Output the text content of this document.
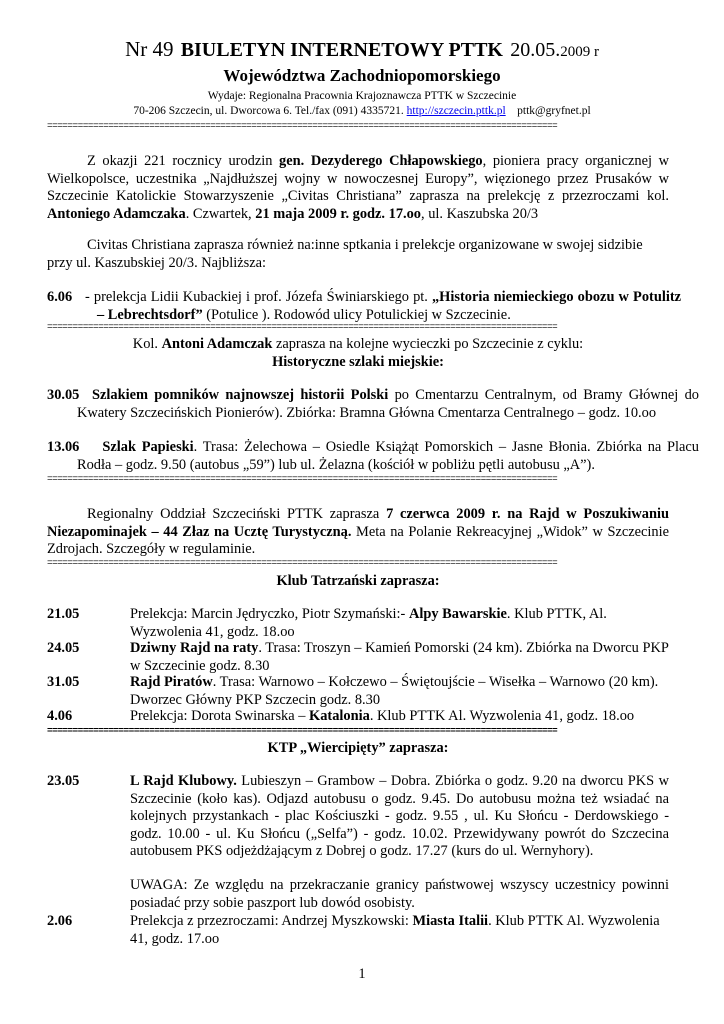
Nr 49 BIULETYN INTERNETOWY PTTK 20.05.2009 r
Województwa Zachodniopomorskiego
Wydaje: Regionalna Pracownia Krajoznawcza PTTK w Szczecinie
70-206 Szczecin, ul. Dworcowa 6. Tel./fax (091) 4335721. http://szczecin.pttk.pl pttk@gryfnet.pl
====================================================================================================
Z okazji 221 rocznicy urodzin gen. Dezyderego Chłapowskiego, pioniera pracy organicznej w Wielkopolsce, uczestnika „Najdłuższej wojny w nowoczesnej Europy”, więzionego przez Prusaków w Szczecinie Katolickie Stowarzyszenie „Civitas Christiana” zaprasza na prelekcję z przezroczami kol. Antoniego Adamczaka. Czwartek, 21 maja 2009 r. godz. 17.oo, ul. Kaszubska 20/3
Civitas Christiana zaprasza również na:inne sptkania i prelekcje organizowane w swojej sidzibie przy ul. Kaszubskiej 20/3. Najbliższa:
6.06 - prelekcja Lidii Kubackiej i prof. Józefa Świniarskiego pt. „Historia niemieckiego obozu w Potulitz – Lebrechtsdorf” (Potulice ). Rodowód ulicy Potulickiej w Szczecinie.
====================================================================================================
Kol. Antoni Adamczak zaprasza na kolejne wycieczki po Szczecinie z cyklu:
Historyczne szlaki miejskie:
30.05 Szlakiem pomników najnowszej historii Polski po Cmentarzu Centralnym, od Bramy Głównej do Kwatery Szczecińskich Pionierów). Zbiórka: Bramna Główna Cmentarza Centralnego – godz. 10.oo
13.06 Szlak Papieski. Trasa: Żelechowa – Osiedle Książąt Pomorskich – Jasne Błonia. Zbiórka na Placu Rodła – godz. 9.50 (autobus „59”) lub ul. Żelazna (kościół w pobliżu pętli autobusu „A”).
====================================================================================================
Regionalny Oddział Szczeciński PTTK zaprasza 7 czerwca 2009 r. na Rajd w Poszukiwaniu Niezapominajek – 44 Złaz na Ucztę Turystyczną. Meta na Polanie Rekreacyjnej „Widok” w Szczecinie Zdrojach. Szczegóły w regulaminie.
====================================================================================================
Klub Tatrzański zaprasza:
21.05	Prelekcja: Marcin Jędryczko, Piotr Szymański:- Alpy Bawarskie. Klub PTTK, Al. Wyzwolenia 41, godz. 18.oo
24.05	Dziwny Rajd na raty. Trasa: Troszyn – Kamień Pomorski (24 km). Zbiórka na Dworcu PKP w Szczecinie godz. 8.30
31.05	Rajd Piratów. Trasa: Warnowo – Kołczewo – Świętoujście – Wisełka – Warnowo (20 km). Dworzec Główny PKP Szczecin godz. 8.30
4.06	Prelekcja: Dorota Swinarska – Katalonia. Klub PTTK Al. Wyzwolenia 41, godz. 18.oo
====================================================================================================
KTP „Wiercipięty” zaprasza:
23.05	L Rajd Klubowy. Lubieszyn – Grambow – Dobra. Zbiórka o godz. 9.20 na dworcu PKS w Szczecinie (koło kas). Odjazd autobusu o godz. 9.45. Do autobusu można też wsiadać na kolejnych przystankach - plac Kościuszki - godz. 9.55 , ul. Ku Słońcu - Derdowskiego - godz. 10.00 - ul. Ku Słońcu („Selfa”) - godz. 10.02. Przewidywany powrót do Szczecina autobusem PKS odjeżdżającym z Dobrej o godz. 17.27 (kurs do ul. Wernyhory).
UWAGA: Ze względu na przekraczanie granicy państwowej wszyscy uczestnicy powinni posiadać przy sobie paszport lub dowód osobisty.
2.06	Prelekcja z przezroczami: Andrzej Myszkowski: Miasta Italii. Klub PTTK Al. Wyzwolenia 41, godz. 17.oo
1
